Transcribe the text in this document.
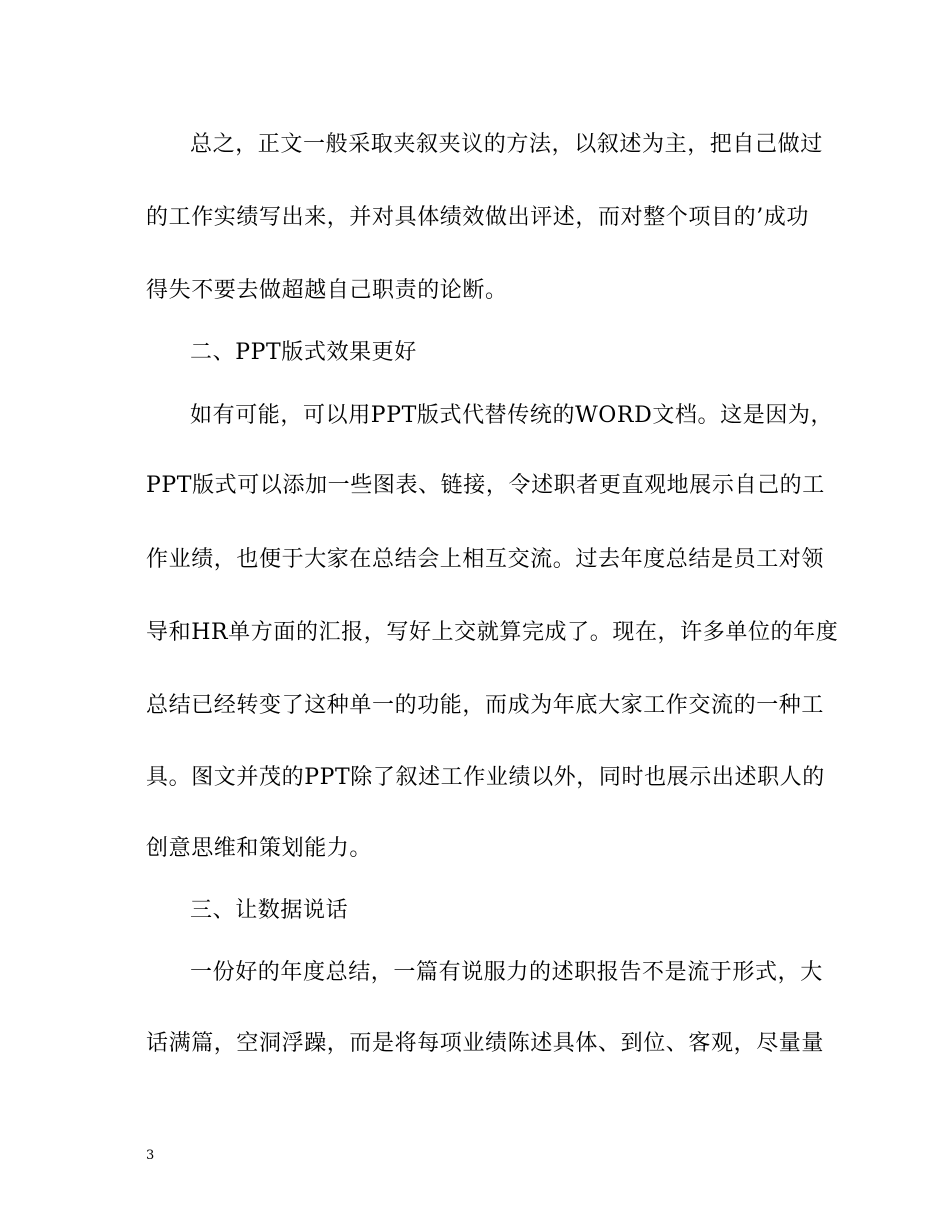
总之，正文一般采取夹叙夹议的方法，以叙述为主，把自己做过
的工作实绩写出来，并对具体绩效做出评述，而对整个项目的’成功
得失不要去做超越自己职责的论断。
二、PPT版式效果更好
如有可能，可以用PPT版式代替传统的WORD文档。这是因为，
PPT版式可以添加一些图表、链接，令述职者更直观地展示自己的工
作业绩，也便于大家在总结会上相互交流。过去年度总结是员工对领
导和HR单方面的汇报，写好上交就算完成了。现在，许多单位的年度
总结已经转变了这种单一的功能，而成为年底大家工作交流的一种工
具。图文并茂的PPT除了叙述工作业绩以外，同时也展示出述职人的
创意思维和策划能力。
三、让数据说话
一份好的年度总结，一篇有说服力的述职报告不是流于形式，大
话满篇，空洞浮躁，而是将每项业绩陈述具体、到位、客观，尽量量
3
